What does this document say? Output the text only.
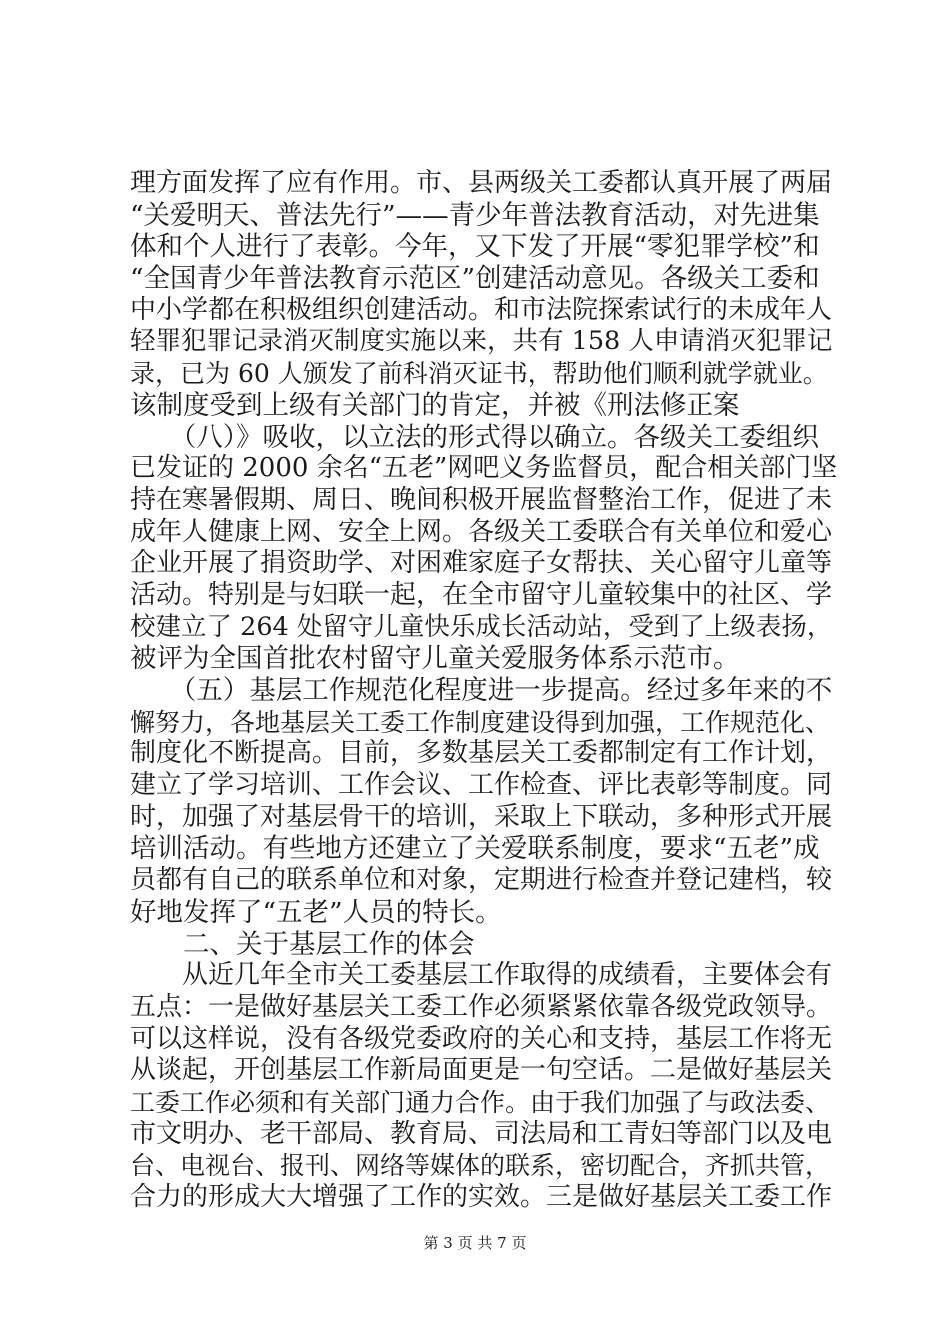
理方面发挥了应有作用。市、县两级关工委都认真开展了两届
“关爱明天、普法先行”——青少年普法教育活动，对先进集
体和个人进行了表彰。今年，又下发了开展“零犯罪学校”和
“全国青少年普法教育示范区”创建活动意见。各级关工委和
中小学都在积极组织创建活动。和市法院探索试行的未成年人
轻罪犯罪记录消灭制度实施以来，共有 158 人申请消灭犯罪记
录，已为 60 人颁发了前科消灭证书，帮助他们顺利就学就业。
该制度受到上级有关部门的肯定，并被《刑法修正案
　　（八）》吸收，以立法的形式得以确立。各级关工委组织
已发证的 2000 余名“五老”网吧义务监督员，配合相关部门坚
持在寒暑假期、周日、晚间积极开展监督整治工作，促进了未
成年人健康上网、安全上网。各级关工委联合有关单位和爱心
企业开展了捐资助学、对困难家庭子女帮扶、关心留守儿童等
活动。特别是与妇联一起，在全市留守儿童较集中的社区、学
校建立了 264 处留守儿童快乐成长活动站，受到了上级表扬，
被评为全国首批农村留守儿童关爱服务体系示范市。
　　（五）基层工作规范化程度进一步提高。经过多年来的不
懈努力，各地基层关工委工作制度建设得到加强，工作规范化、
制度化不断提高。目前，多数基层关工委都制定有工作计划，
建立了学习培训、工作会议、工作检查、评比表彰等制度。同
时，加强了对基层骨干的培训，采取上下联动，多种形式开展
培训活动。有些地方还建立了关爱联系制度，要求“五老”成
员都有自己的联系单位和对象，定期进行检查并登记建档，较
好地发挥了“五老”人员的特长。
　　二、关于基层工作的体会
　　从近几年全市关工委基层工作取得的成绩看，主要体会有
五点：一是做好基层关工委工作必须紧紧依靠各级党政领导。
可以这样说，没有各级党委政府的关心和支持，基层工作将无
从谈起，开创基层工作新局面更是一句空话。二是做好基层关
工委工作必须和有关部门通力合作。由于我们加强了与政法委、
市文明办、老干部局、教育局、司法局和工青妇等部门以及电
台、电视台、报刊、网络等媒体的联系，密切配合，齐抓共管，
合力的形成大大增强了工作的实效。三是做好基层关工委工作
第 3 页 共 7 页
